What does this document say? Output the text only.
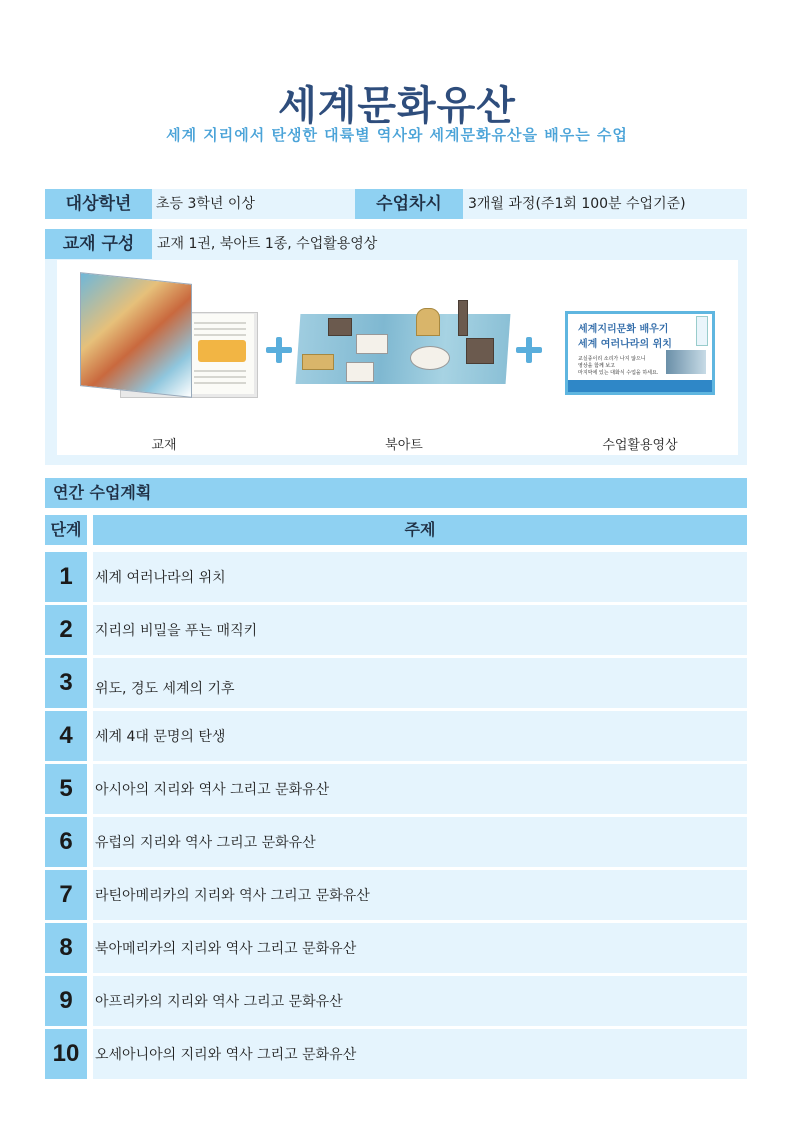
세계문화유산
세계 지리에서 탄생한 대륙별 역사와 세계문화유산을 배우는 수업
대상학년	초등 3학년 이상	수업차시	3개월 과정(주1회 100분 수업기준)
교재 구성	교재 1권, 북아트 1종, 수업활용영상
세계지리문화 배우기
세계 여러나라의 위치
교실종이리 소리가 나지 않으니
영상을 함께 보고
마지막에 있는 대화식 수업을 하세요.
교재	북아트	수업활용영상
연간 수업계획
단계	주제
1	세계 여러나라의 위치
2	지리의 비밀을 푸는 매직키
3	위도, 경도 세계의 기후
4	세계 4대 문명의 탄생
5	아시아의 지리와 역사 그리고 문화유산
6	유럽의 지리와 역사 그리고 문화유산
7	라틴아메리카의 지리와 역사 그리고 문화유산
8	북아메리카의 지리와 역사 그리고 문화유산
9	아프리카의 지리와 역사 그리고 문화유산
10	오세아니아의 지리와 역사 그리고 문화유산
